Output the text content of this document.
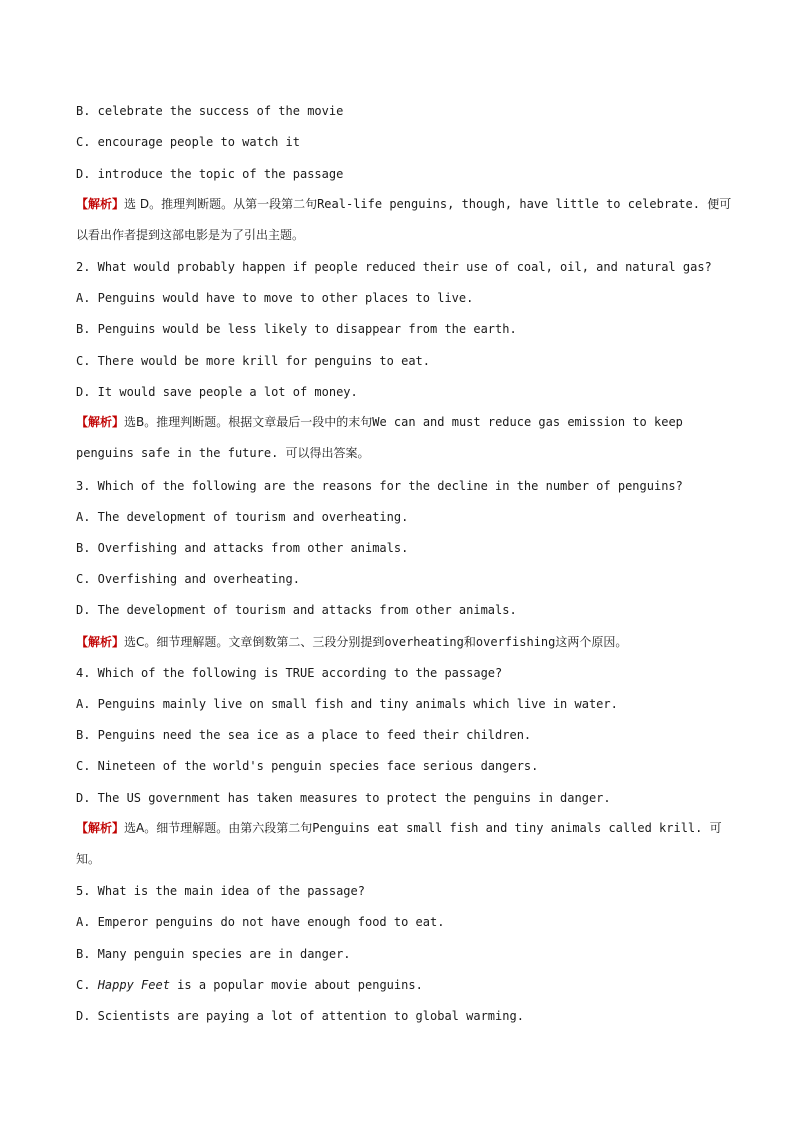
B. celebrate the success of the movie
C. encourage people to watch it
D. introduce the topic of the passage
【解析】选 D。推理判断题。从第一段第二句Real-life penguins, though, have little to celebrate. 便可以看出作者提到这部电影是为了引出主题。
2. What would probably happen if people reduced their use of coal, oil, and natural gas?
A. Penguins would have to move to other places to live.
B. Penguins would be less likely to disappear from the earth.
C. There would be more krill for penguins to eat.
D. It would save people a lot of money.
【解析】选B。推理判断题。根据文章最后一段中的末句We can and must reduce gas emission to keep penguins safe in the future. 可以得出答案。
3. Which of the following are the reasons for the decline in the number of penguins?
A. The development of tourism and overheating.
B. Overfishing and attacks from other animals.
C. Overfishing and overheating.
D. The development of tourism and attacks from other animals.
【解析】选C。细节理解题。文章倒数第二、三段分别提到overheating和overfishing这两个原因。
4. Which of the following is TRUE according to the passage?
A. Penguins mainly live on small fish and tiny animals which live in water.
B. Penguins need the sea ice as a place to feed their children.
C. Nineteen of the world's penguin species face serious dangers.
D. The US government has taken measures to protect the penguins in danger.
【解析】选A。细节理解题。由第六段第二句Penguins eat small fish and tiny animals called krill. 可知。
5. What is the main idea of the passage?
A. Emperor penguins do not have enough food to eat.
B. Many penguin species are in danger.
C. Happy Feet is a popular movie about penguins.
D. Scientists are paying a lot of attention to global warming.
